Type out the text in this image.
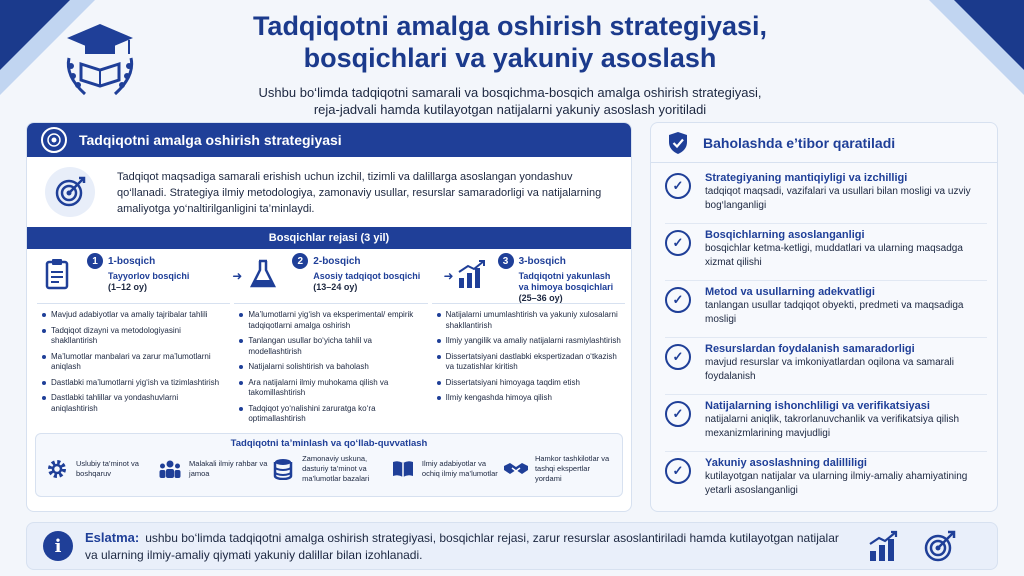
Tadqiqotni amalga oshirish strategiyasi,
bosqichlari va yakuniy asoslash
Ushbu bo‘limda tadqiqotni samarali va bosqichma-bosqich amalga oshirish strategiyasi,
reja-jadvali hamda kutilayotgan natijalarni yakuniy asoslash yoritiladi
Tadqiqotni amalga oshirish strategiyasi
Tadqiqot maqsadiga samarali erishish uchun izchil, tizimli va dalillarga asoslangan yondashuv qo‘llanadi. Strategiya ilmiy metodologiya, zamonaviy usullar, resurslar samaradorligi va natijalarning amaliyotga yo‘naltirilganligini ta’minlaydi.
Bosqichlar rejasi (3 yil)
1	1-bosqich
Tayyorlov bosqichi
(1–12 oy)
➜
2	2-bosqich
Asosiy tadqiqot bosqichi
(13–24 oy)
➜
3	3-bosqich
Tadqiqotni yakunlash va himoya bosqichlari
(25–36 oy)
Mavjud adabiyotlar va amaliy tajribalar tahlili
Tadqiqot dizayni va metodologiyasini shakllantirish
Ma’lumotlar manbalari va zarur ma’lumotlarni aniqlash
Dastlabki ma’lumotlarni yig‘ish va tizimlashtirish
Dastlabki tahlillar va yondashuvlarni aniqlashtirish
Ma’lumotlarni yig‘ish va eksperimental/ empirik tadqiqotlarni amalga oshirish
Tanlangan usullar bo‘yicha tahlil va modellashtirish
Natijalarni solishtirish va baholash
Ara natijalarni ilmiy muhokama qilish va takomillashtirish
Tadqiqot yo‘nalishini zaruratga ko‘ra optimallashtirish
Natijalarni umumlashtirish va yakuniy xulosalarni shakllantirish
Ilmiy yangilik va amaliy natijalarni rasmiylashtirish
Dissertatsiyani dastlabki ekspertizadan o‘tkazish va tuzatishlar kiritish
Dissertatsiyani himoyaga taqdim etish
Ilmiy kengashda himoya qilish
Tadqiqotni ta’minlash va qo‘llab-quvvatlash
Uslubiy ta’minot va boshqaruv
Malakali ilmiy rahbar va jamoa
Zamonaviy uskuna, dasturiy ta’minot va ma’lumotlar bazalari
Ilmiy adabiyotlar va ochiq ilmiy ma’lumotlar
Hamkor tashkilotlar va tashqi ekspertlar yordami
Baholashda e’tibor qaratiladi
✓	Strategiyaning mantiqiyligi va izchilligi
tadqiqot maqsadi, vazifalari va usullari bilan mosligi va uzviy bog‘langanligi
✓	Bosqichlarning asoslanganligi
bosqichlar ketma-ketligi, muddatlari va ularning maqsadga xizmat qilishi
✓	Metod va usullarning adekvatligi
tanlangan usullar tadqiqot obyekti, predmeti va maqsadiga mosligi
✓	Resurslardan foydalanish samaradorligi
mavjud resurslar va imkoniyatlardan oqilona va samarali foydalanish
✓	Natijalarning ishonchliligi va verifikatsiyasi
natijalarni aniqlik, takrorlanuvchanlik va verifikatsiya qilish mexanizmlarining mavjudligi
✓	Yakuniy asoslashning dalilliligi
kutilayotgan natijalar va ularning ilmiy-amaliy ahamiyatining yetarli asoslanganligi
i	Eslatma: ushbu bo‘limda tadqiqotni amalga oshirish strategiyasi, bosqichlar rejasi, zarur resurslar asoslantiriladi hamda kutilayotgan natijalar va ularning ilmiy-amaliy qiymati yakuniy dalillar bilan izohlanadi.
